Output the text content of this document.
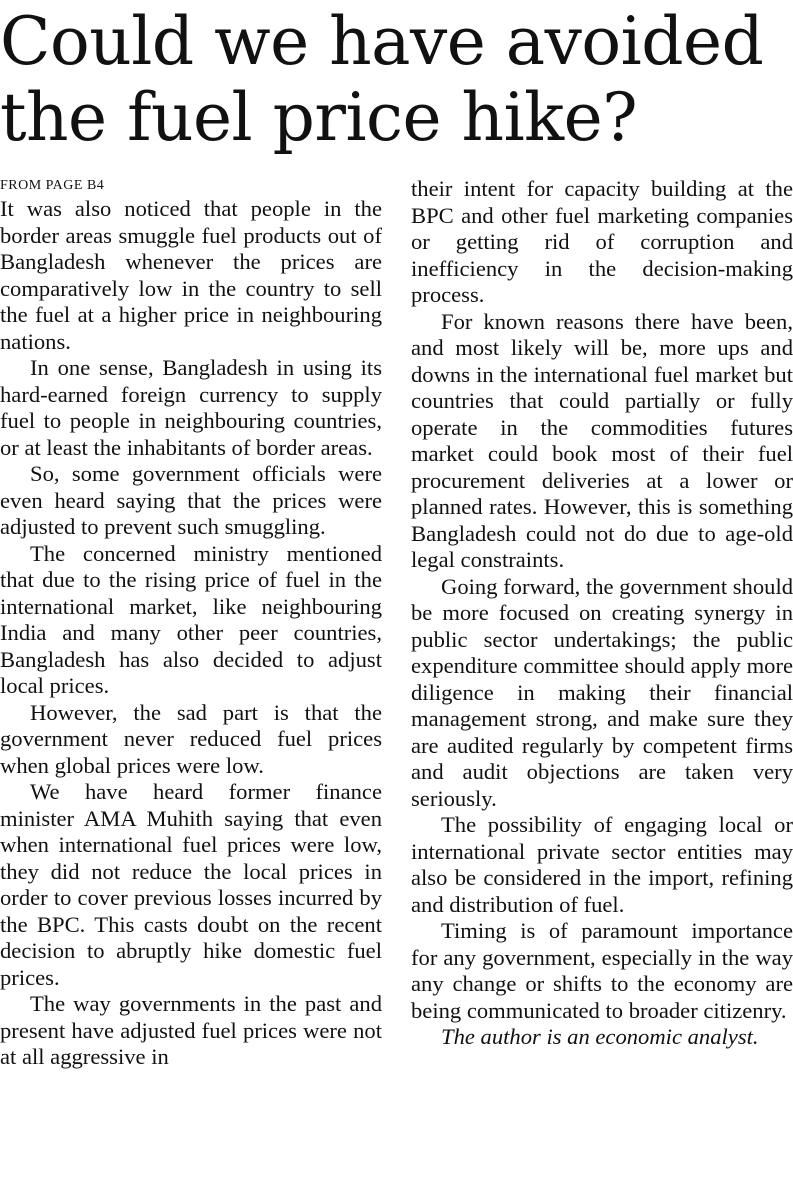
Could we have avoided the fuel price hike?
FROM PAGE B4

It was also noticed that people in the border areas smuggle fuel products out of Bangladesh whenever the prices are comparatively low in the country to sell the fuel at a higher price in neighbouring nations.

In one sense, Bangladesh in using its hard-earned foreign currency to supply fuel to people in neighbouring countries, or at least the inhabitants of border areas.

So, some government officials were even heard saying that the prices were adjusted to prevent such smuggling.

The concerned ministry mentioned that due to the rising price of fuel in the international market, like neighbouring India and many other peer countries, Bangladesh has also decided to adjust local prices.

However, the sad part is that the government never reduced fuel prices when global prices were low.

We have heard former finance minister AMA Muhith saying that even when international fuel prices were low, they did not reduce the local prices in order to cover previous losses incurred by the BPC. This casts doubt on the recent decision to abruptly hike domestic fuel prices.

The way governments in the past and present have adjusted fuel prices were not at all aggressive in

their intent for capacity building at the BPC and other fuel marketing companies or getting rid of corruption and inefficiency in the decision-making process.

For known reasons there have been, and most likely will be, more ups and downs in the international fuel market but countries that could partially or fully operate in the commodities futures market could book most of their fuel procurement deliveries at a lower or planned rates. However, this is something Bangladesh could not do due to age-old legal constraints.

Going forward, the government should be more focused on creating synergy in public sector undertakings; the public expenditure committee should apply more diligence in making their financial management strong, and make sure they are audited regularly by competent firms and audit objections are taken very seriously.

The possibility of engaging local or international private sector entities may also be considered in the import, refining and distribution of fuel.

Timing is of paramount importance for any government, especially in the way any change or shifts to the economy are being communicated to broader citizenry.

The author is an economic analyst.
